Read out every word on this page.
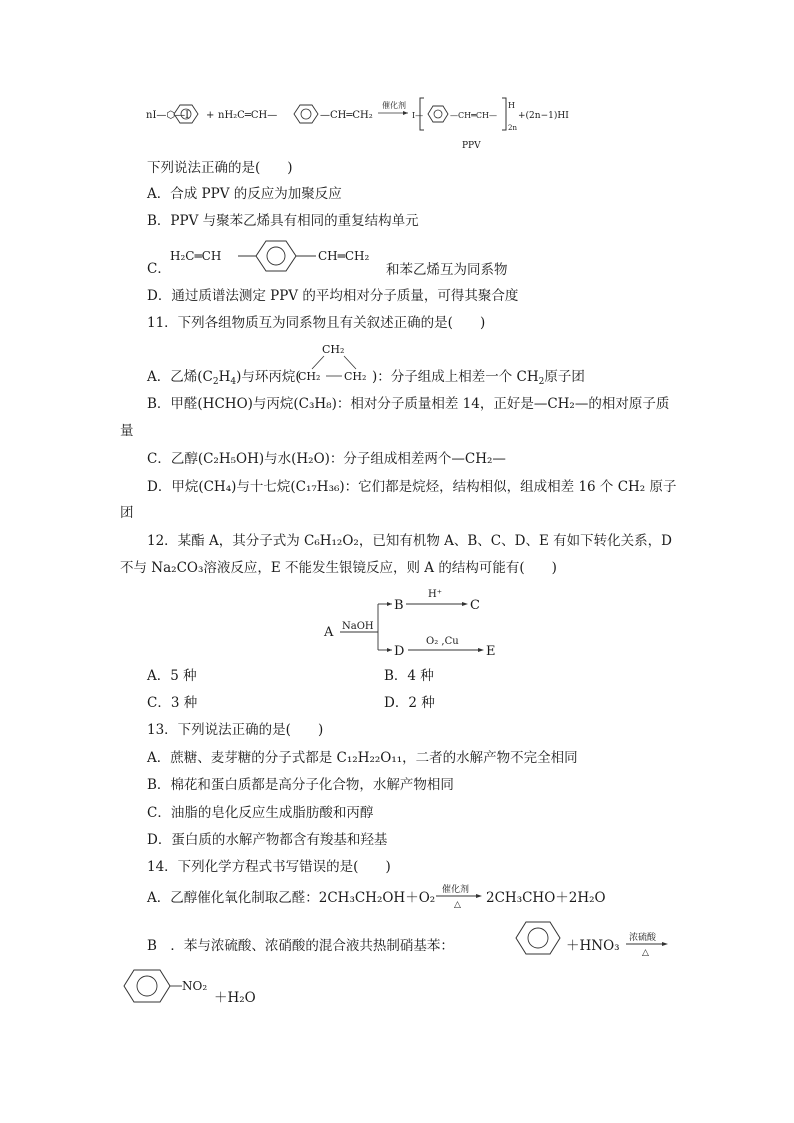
nI—⬡—I + nH₂C═CH—	—CH═CH₂
催化剂
I—	—CH═CH—
H
2n
+(2n−1)HI
PPV
下列说法正确的是(　　)
A．合成 PPV 的反应为加聚反应
B．PPV 与聚苯乙烯具有相同的重复结构单元
C．
H₂C═CH	CH═CH₂
和苯乙烯互为同系物
D．通过质谱法测定 PPV 的平均相对分子质量，可得其聚合度
11．下列各组物质互为同系物且有关叙述正确的是(　　)
A．乙烯$(C_2H_4)$与环丙烷(
CH₂
CH₂ CH₂ )：分子组成上相差一个 $CH_2$原子团
B．甲醛(HCHO)与丙烷(C₃H₈)：相对分子质量相差 14，正好是—CH₂—的相对原子质
量
C．乙醇(C₂H₅OH)与水(H₂O)：分子组成相差两个—CH₂—
D．甲烷(CH₄)与十七烷(C₁₇H₃₆)：它们都是烷烃，结构相似，组成相差 16 个 CH₂ 原子
团
12．某酯 A，其分子式为 C₆H₁₂O₂，已知有机物 A、B、C、D、E 有如下转化关系，D
不与 Na₂CO₃溶液反应，E 不能发生银镜反应，则 A 的结构可能有(　　)
A NaOH
B
H⁺
C
D
O₂ ,Cu
E
A．5 种	B．4 种
C．3 种	D．2 种
13．下列说法正确的是(　　)
A．蔗糖、麦芽糖的分子式都是 C₁₂H₂₂O₁₁，二者的水解产物不完全相同
B．棉花和蛋白质都是高分子化合物，水解产物相同
C．油脂的皂化反应生成脂肪酸和丙醇
D．蛋白质的水解产物都含有羧基和羟基
14．下列化学方程式书写错误的是(　　)
A．乙醇催化氧化制取乙醛：2CH₃CH₂OH＋O₂ 催化剂
△ 2CH₃CHO＋2H₂O
B　．苯与浓硫酸、浓硝酸的混合液共热制硝基苯：	＋HNO₃ 浓硫酸
△
NO₂
＋H₂O
